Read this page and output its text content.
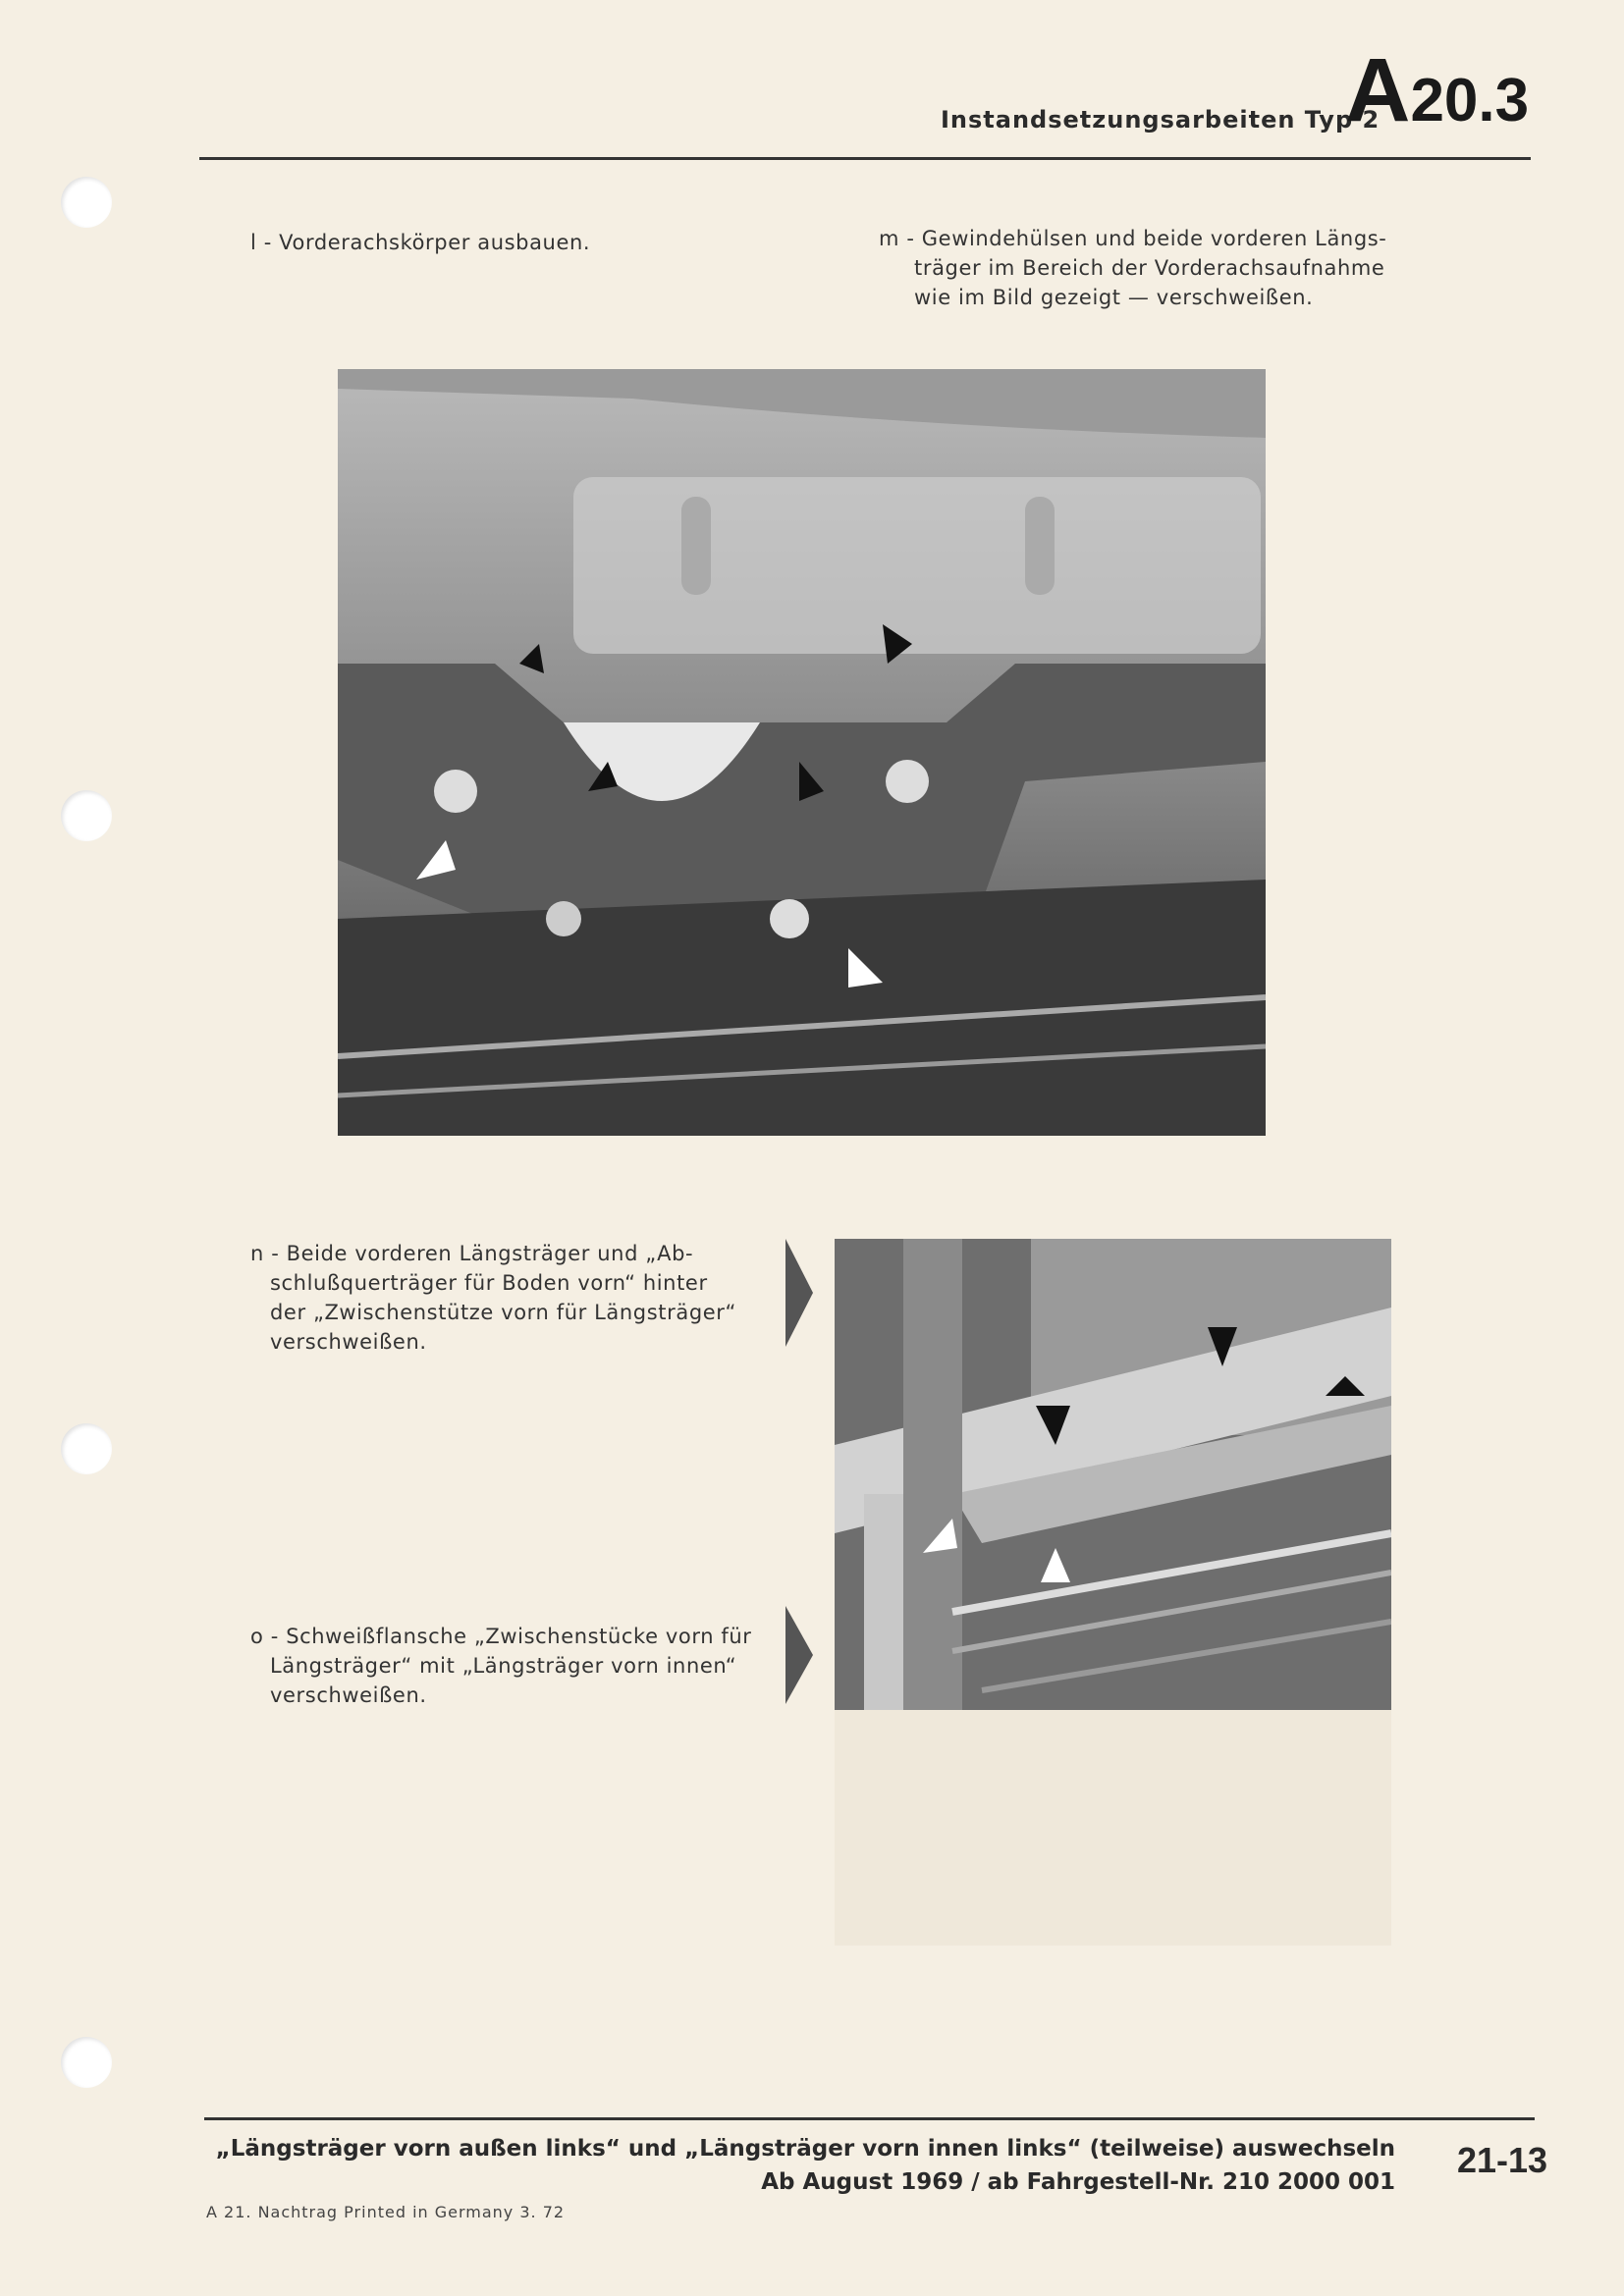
Instandsetzungsarbeiten Typ 2
A20.3
l - Vorderachskörper ausbauen.	m - Gewindehülsen und beide vorderen Längs-
träger im Bereich der Vorderachsaufnahme
wie im Bild gezeigt — verschweißen.
n - Beide vorderen Längsträger und „Ab-
schlußquerträger für Boden vorn“ hinter
der „Zwischenstütze vorn für Längsträger“
verschweißen.
o - Schweißflansche „Zwischenstücke vorn für
Längsträger“ mit „Längsträger vorn innen“
verschweißen.
„Längsträger vorn außen links“ und „Längsträger vorn innen links“ (teilweise) auswechseln
Ab August 1969 / ab Fahrgestell-Nr. 210 2000 001
21-13
A 21. Nachtrag Printed in Germany 3. 72
